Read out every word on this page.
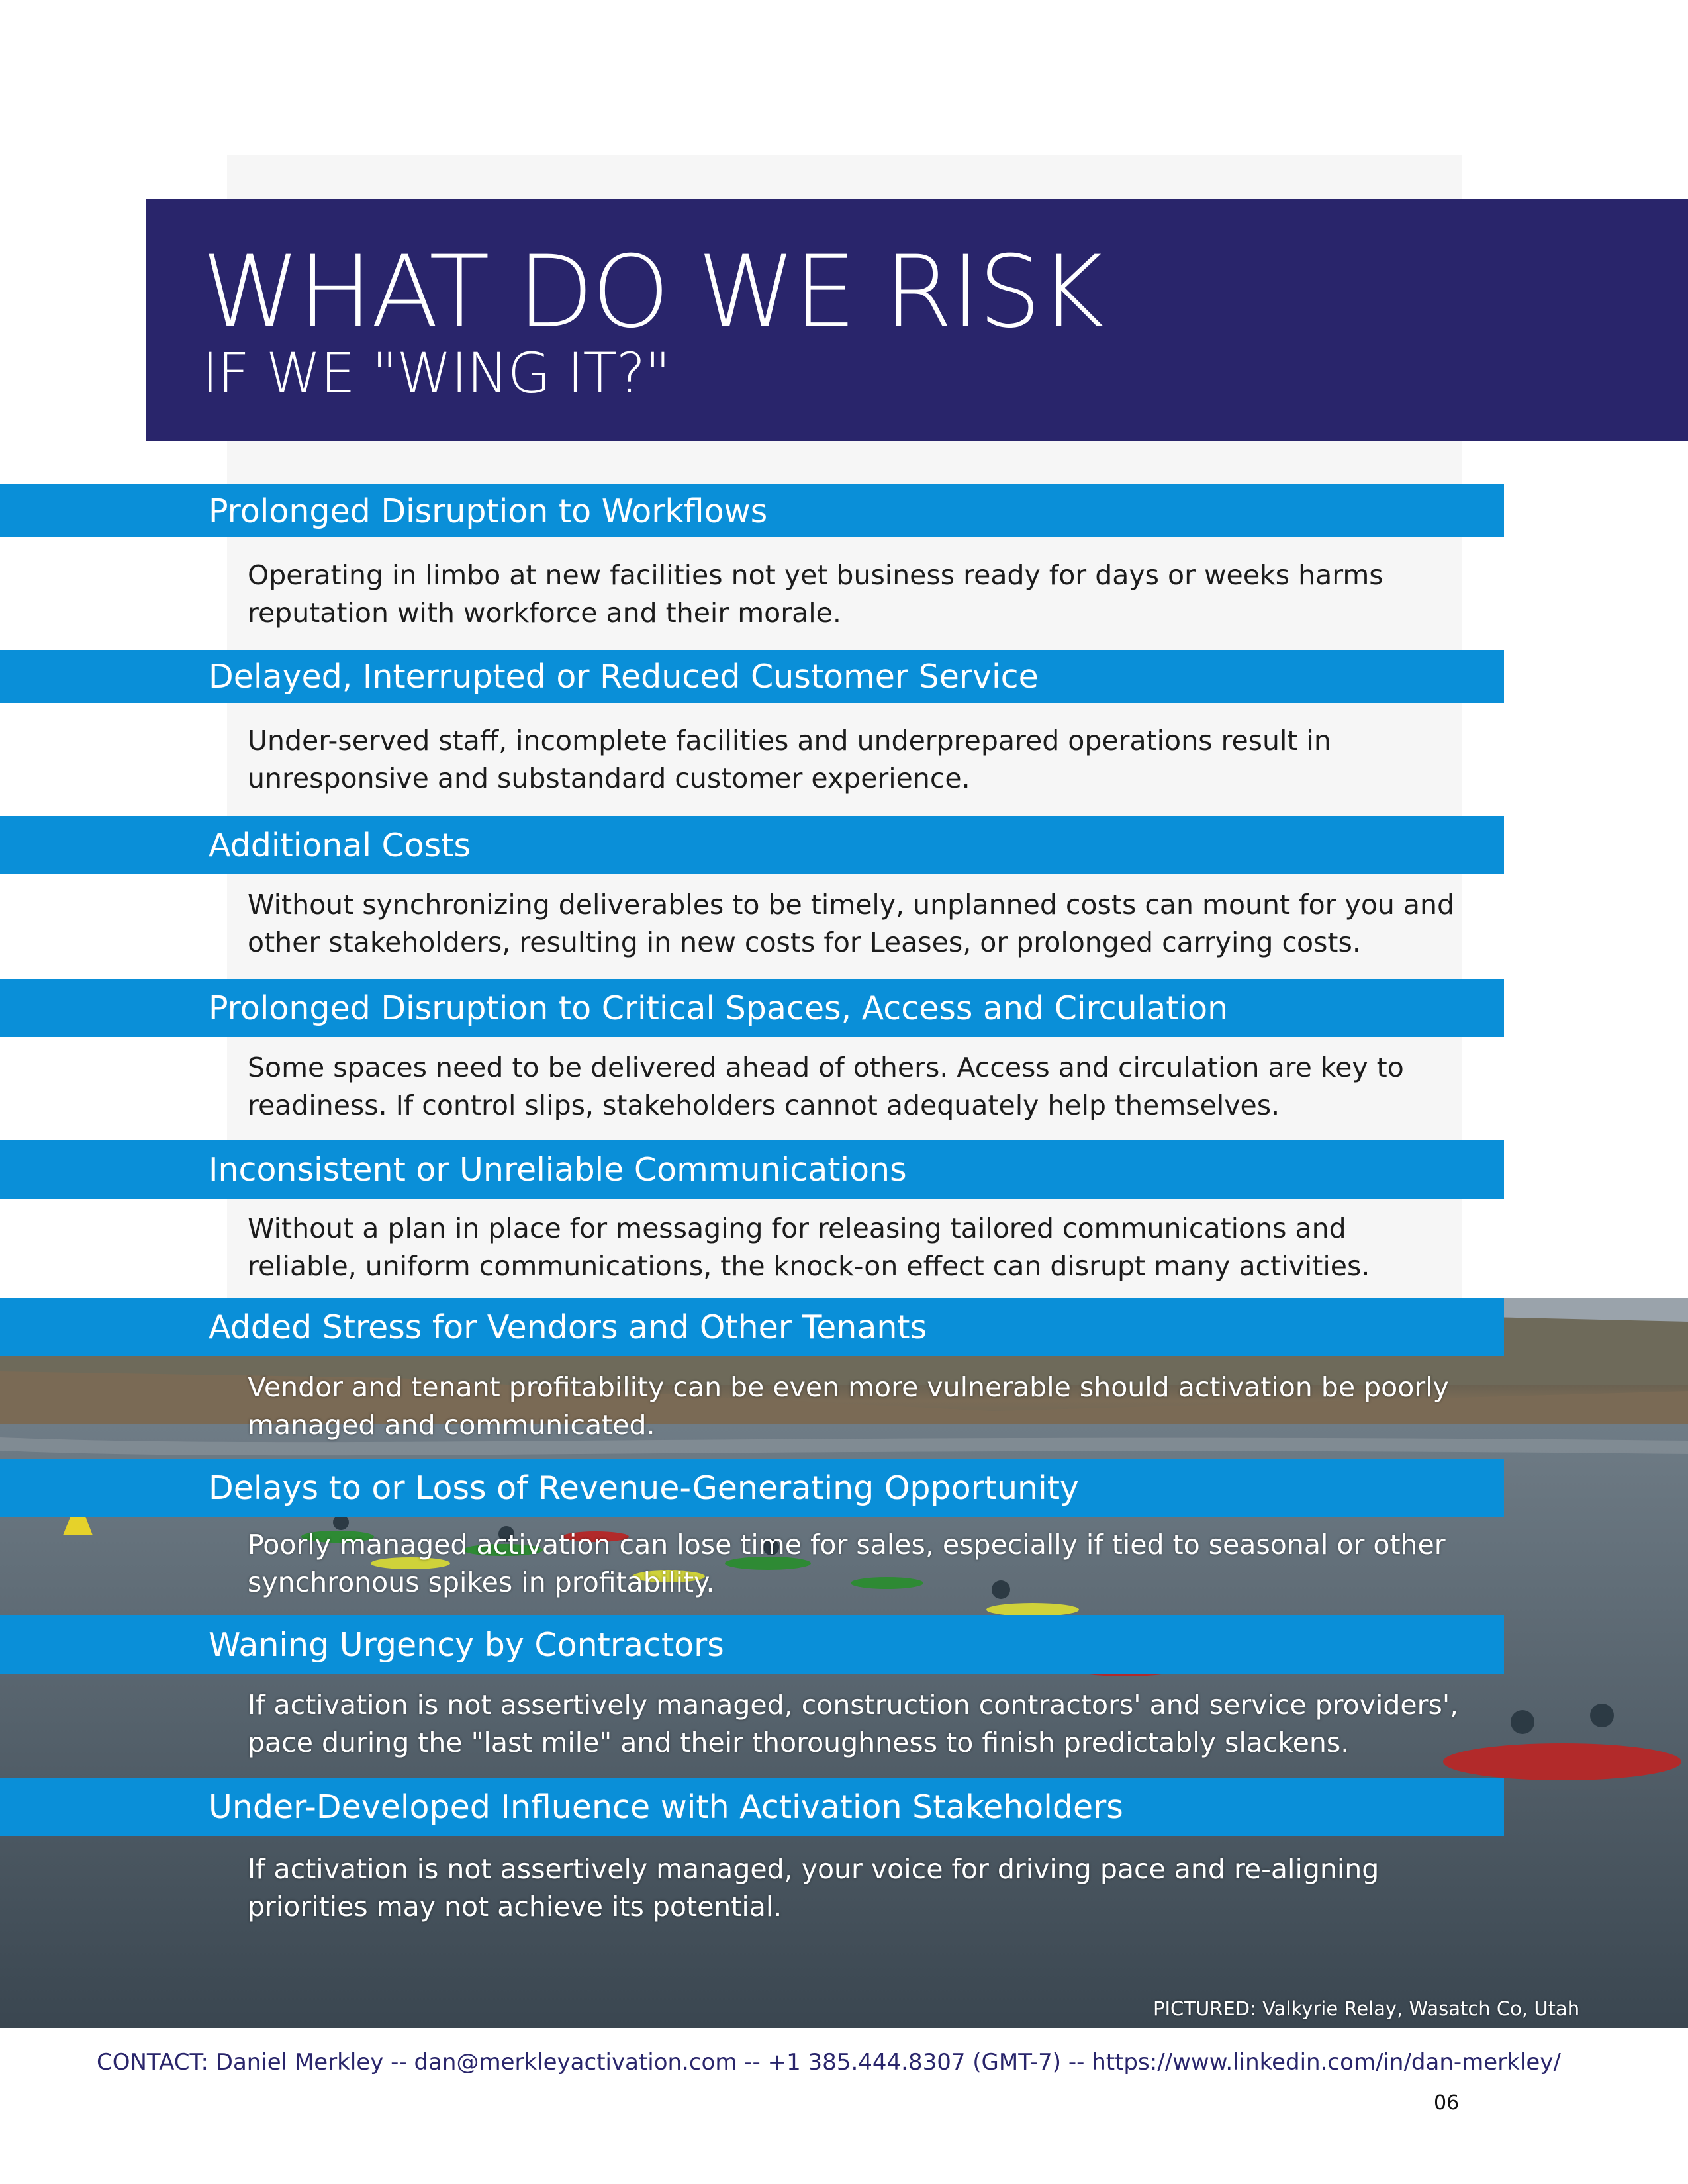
WHAT DO WE RISK
IF WE "WING IT?"
Prolonged Disruption to Workflows

Operating in limbo at new facilities not yet business ready for days or weeks harms
reputation with workforce and their morale.

Delayed, Interrupted or Reduced Customer Service

Under-served staff, incomplete facilities and underprepared operations result in
unresponsive and substandard customer experience.

Additional Costs

Without synchronizing deliverables to be timely, unplanned costs can mount for you and
other stakeholders, resulting in new costs for Leases, or prolonged carrying costs.

Prolonged Disruption to Critical Spaces, Access and Circulation

Some spaces need to be delivered ahead of others. Access and circulation are key to
readiness. If control slips, stakeholders cannot adequately help themselves.

Inconsistent or Unreliable Communications

Without a plan in place for messaging for releasing tailored communications and
reliable, uniform communications, the knock-on effect can disrupt many activities.

Added Stress for Vendors and Other Tenants

Vendor and tenant profitability can be even more vulnerable should activation be poorly
managed and communicated.

Delays to or Loss of Revenue-Generating Opportunity

Poorly managed activation can lose time for sales, especially if tied to seasonal or other
synchronous spikes in profitability.

Waning Urgency by Contractors

If activation is not assertively managed, construction contractors' and service providers',
pace during the "last mile" and their thoroughness to finish predictably slackens.

Under-Developed Influence with Activation Stakeholders

If activation is not assertively managed, your voice for driving pace and re-aligning
priorities may not achieve its potential.

PICTURED: Valkyrie Relay, Wasatch Co, Utah
CONTACT: Daniel Merkley -- dan@merkleyactivation.com -- +1 385.444.8307 (GMT-7) -- https://www.linkedin.com/in/dan-merkley/
06
